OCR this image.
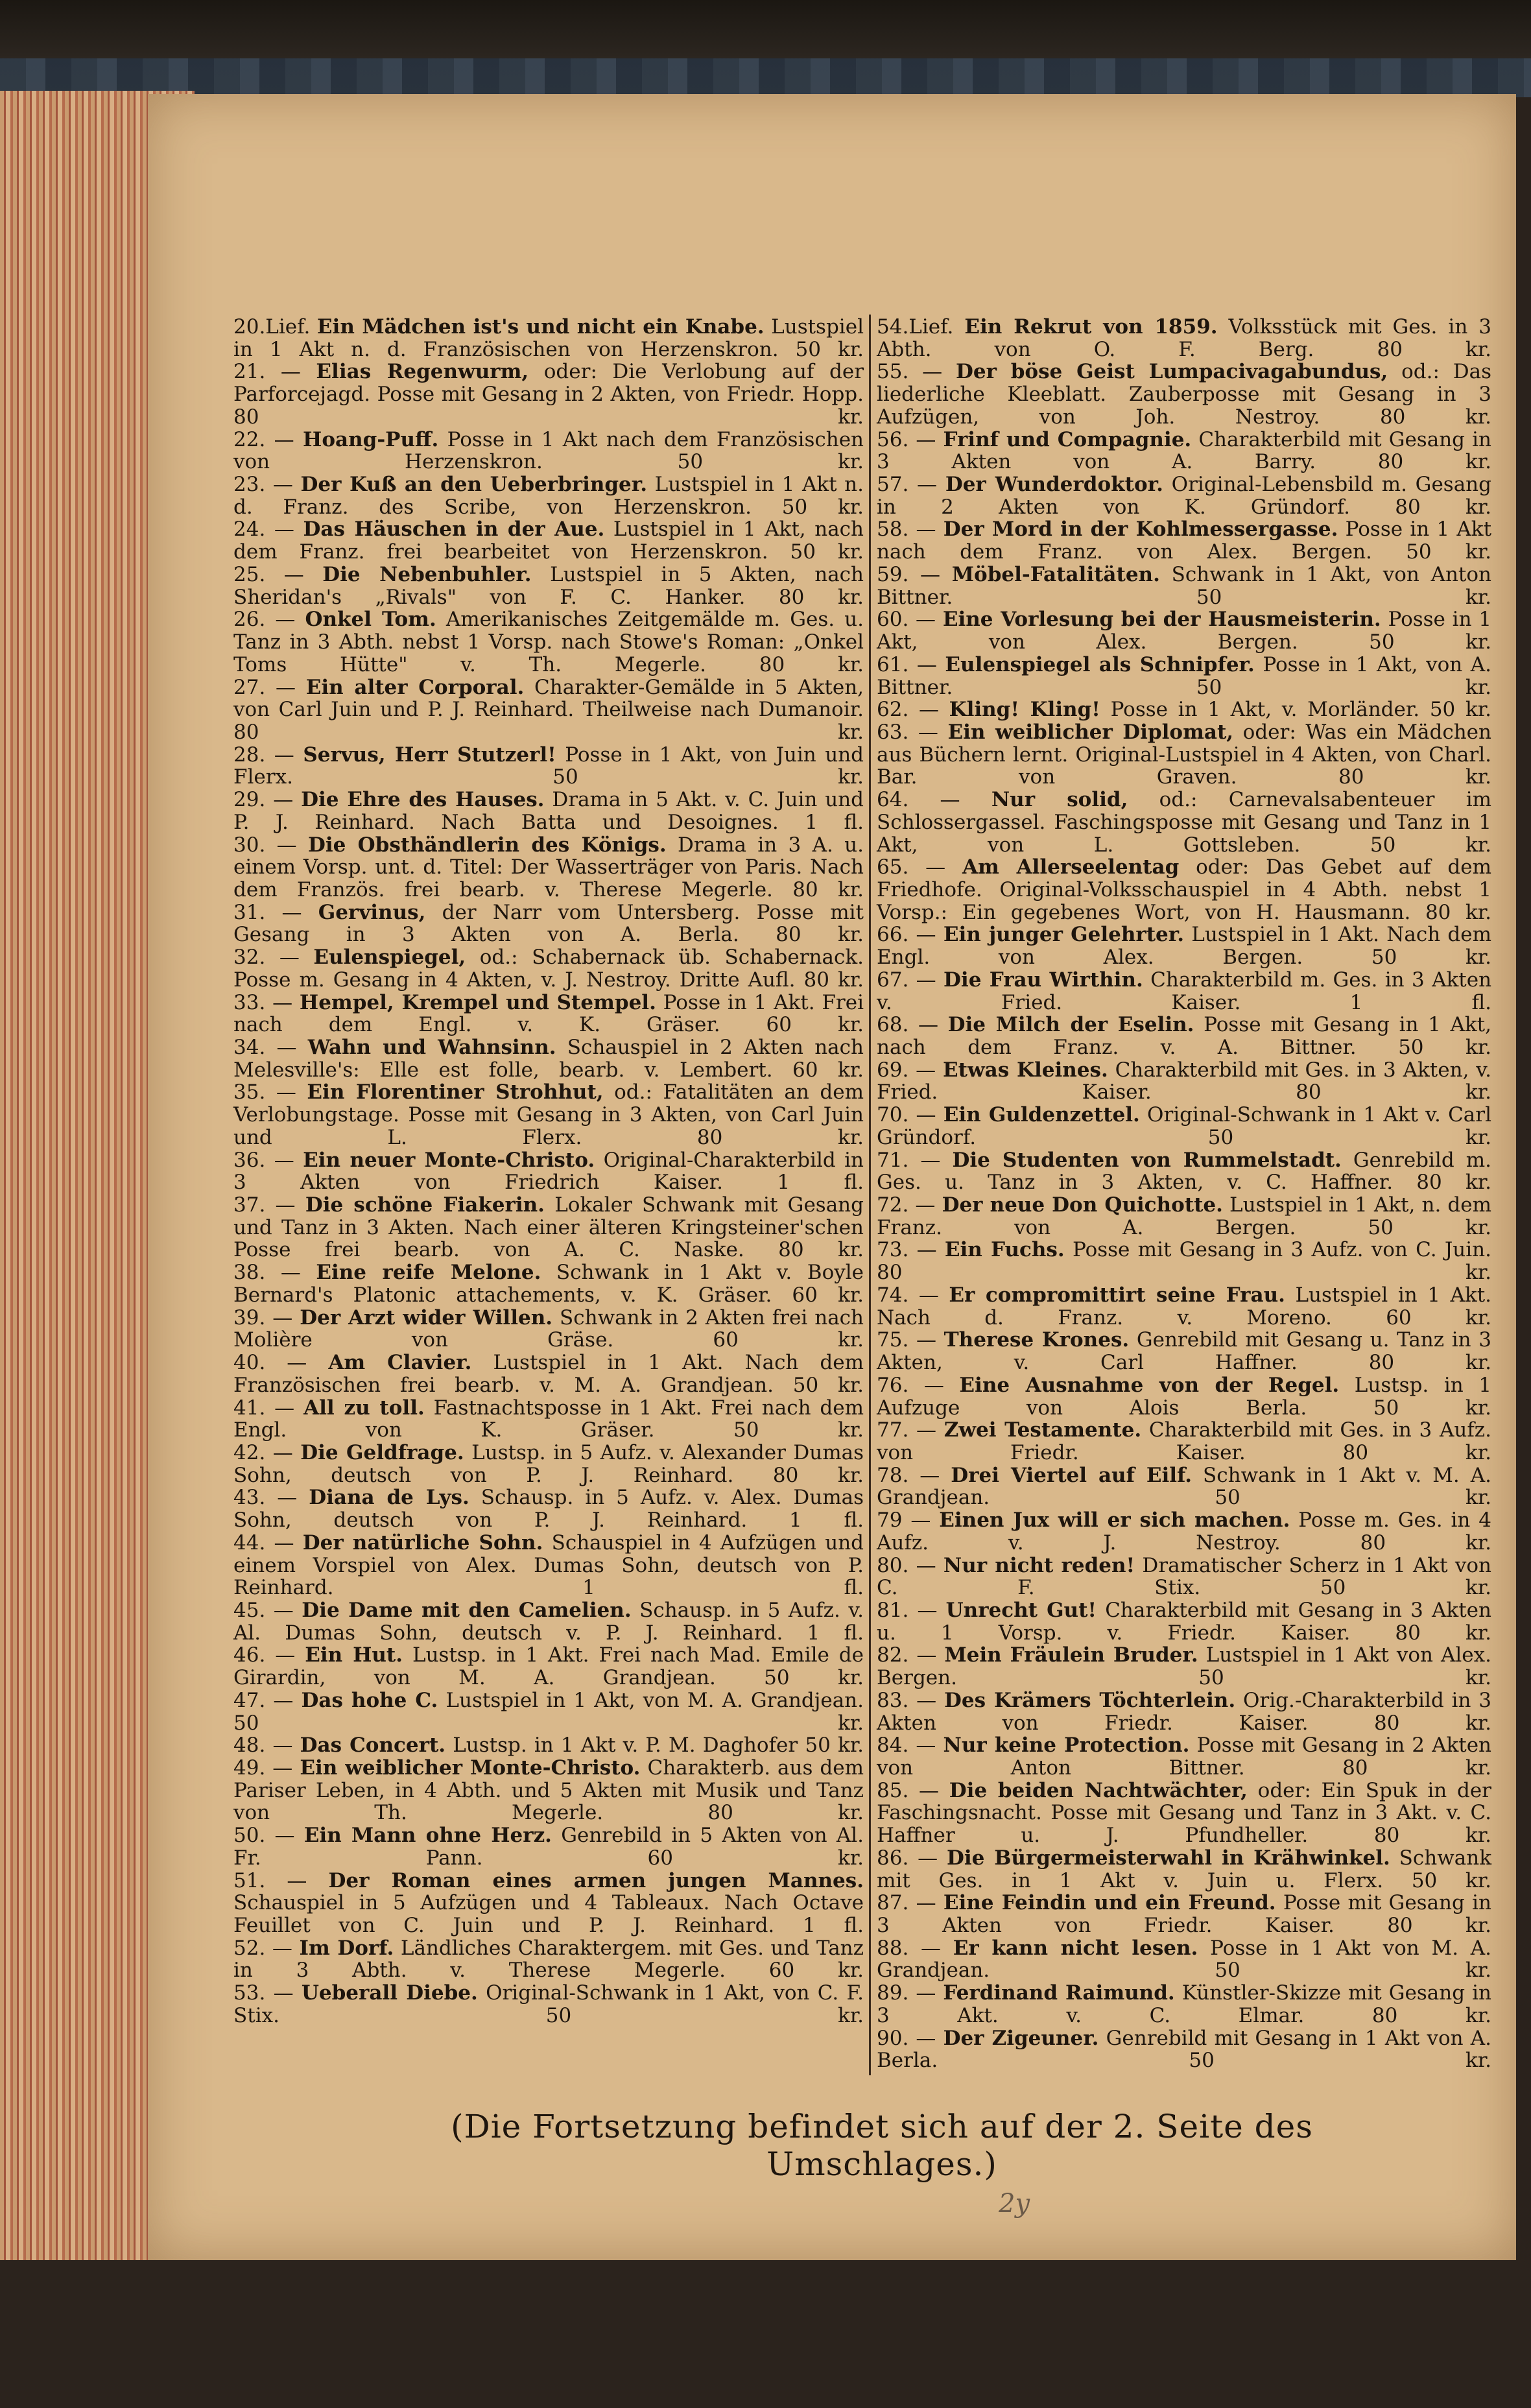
20.Lief. Ein Mädchen ist's und nicht ein Knabe. Lustspiel in 1 Akt n. d. Französischen von Herzenskron. 50 kr.

21. — Elias Regenwurm, oder: Die Verlobung auf der Parforcejagd. Posse mit Gesang in 2 Akten, von Friedr. Hopp. 80 kr.

22. — Hoang-Puff. Posse in 1 Akt nach dem Französischen von Herzenskron.	50 kr.

23. — Der Kuß an den Ueberbringer. Lustspiel in 1 Akt n. d. Franz. des Scribe, von Herzenskron. 50 kr.

24. — Das Häuschen in der Aue. Lustspiel in 1 Akt, nach dem Franz. frei bearbeitet von Herzenskron. 50 kr.

25. — Die Nebenbuhler. Lustspiel in 5 Akten, nach Sheridan's „Rivals" von F. C. Hanker. 80 kr.

26. — Onkel Tom. Amerikanisches Zeitgemälde m. Ges. u. Tanz in 3 Abth. nebst 1 Vorsp. nach Stowe's Roman: „Onkel Toms Hütte" v. Th. Megerle.	80 kr.

27. — Ein alter Corporal. Charakter-Gemälde in 5 Akten, von Carl Juin und P. J. Reinhard. Theilweise nach Dumanoir. 80 kr.

28. — Servus, Herr Stutzerl! Posse in 1 Akt, von Juin und Flerx.	50 kr.

29. — Die Ehre des Hauses. Drama in 5 Akt. v. C. Juin und P. J. Reinhard. Nach Batta und Desoignes. 1 fl.

30. — Die Obsthändlerin des Königs. Drama in 3 A. u. einem Vorsp. unt. d. Titel: Der Wasserträger von Paris. Nach dem Französ. frei bearb. v. Therese Megerle. 80 kr.

31. — Gervinus, der Narr vom Untersberg. Posse mit Gesang in 3 Akten von A. Berla. 80 kr.

32. — Eulenspiegel, od.: Schabernack üb. Schabernack. Posse m. Gesang in 4 Akten, v. J. Nestroy. Dritte Aufl. 80 kr.

33. — Hempel, Krempel und Stempel. Posse in 1 Akt. Frei nach dem Engl. v. K. Gräser. 60 kr.

34. — Wahn und Wahnsinn. Schauspiel in 2 Akten nach Melesville's: Elle est folle, bearb. v. Lembert. 60 kr.

35. — Ein Florentiner Strohhut, od.: Fatalitäten an dem Verlobungstage. Posse mit Gesang in 3 Akten, von Carl Juin und L. Flerx.	80 kr.

36. — Ein neuer Monte-Christo. Original-Charakterbild in 3 Akten von Friedrich Kaiser.	1 fl.

37. — Die schöne Fiakerin. Lokaler Schwank mit Gesang und Tanz in 3 Akten. Nach einer älteren Kringsteiner'schen Posse frei bearb. von A. C. Naske. 80 kr.

38. — Eine reife Melone. Schwank in 1 Akt v. Boyle Bernard's Platonic attachements, v. K. Gräser. 60 kr.

39. — Der Arzt wider Willen. Schwank in 2 Akten frei nach Molière von Gräse.	60 kr.

40. — Am Clavier. Lustspiel in 1 Akt. Nach dem Französischen frei bearb. v. M. A. Grandjean. 50 kr.

41. — All zu toll. Fastnachtsposse in 1 Akt. Frei nach dem Engl. von K. Gräser.	50 kr.

42. — Die Geldfrage. Lustsp. in 5 Aufz. v. Alexander Dumas Sohn, deutsch von P. J. Reinhard. 80 kr.

43. — Diana de Lys. Schausp. in 5 Aufz. v. Alex. Dumas Sohn, deutsch von P. J. Reinhard. 1 fl.

44. — Der natürliche Sohn. Schauspiel in 4 Aufzügen und einem Vorspiel von Alex. Dumas Sohn, deutsch von P. Reinhard.	1 fl.

45. — Die Dame mit den Camelien. Schausp. in 5 Aufz. v. Al. Dumas Sohn, deutsch v. P. J. Reinhard. 1 fl.

46. — Ein Hut. Lustsp. in 1 Akt. Frei nach Mad. Emile de Girardin, von M. A. Grandjean. 50 kr.

47. — Das hohe C. Lustspiel in 1 Akt, von M. A. Grandjean. 50 kr.

48. — Das Concert. Lustsp. in 1 Akt v. P. M. Daghofer 50 kr.

49. — Ein weiblicher Monte-Christo. Charakterb. aus dem Pariser Leben, in 4 Abth. und 5 Akten mit Musik und Tanz von Th. Megerle.	80 kr.

50. — Ein Mann ohne Herz. Genrebild in 5 Akten von Al. Fr. Pann.	60 kr.

51. — Der Roman eines armen jungen Mannes. Schauspiel in 5 Aufzügen und 4 Tableaux. Nach Octave Feuillet von C. Juin und P. J. Reinhard. 1 fl.

52. — Im Dorf. Ländliches Charaktergem. mit Ges. und Tanz in 3 Abth. v. Therese Megerle. 60 kr.

53. — Ueberall Diebe. Original-Schwank in 1 Akt, von C. F. Stix.	50 kr.

54.Lief. Ein Rekrut von 1859. Volksstück mit Ges. in 3 Abth. von O. F. Berg.	80 kr.

55. — Der böse Geist Lumpacivagabundus, od.: Das liederliche Kleeblatt. Zauberposse mit Gesang in 3 Aufzügen, von Joh. Nestroy.	80 kr.

56. — Frinf und Compagnie. Charakterbild mit Gesang in 3 Akten von A. Barry.	80 kr.

57. — Der Wunderdoktor. Original-Lebensbild m. Gesang in 2 Akten von K. Gründorf. 80 kr.

58. — Der Mord in der Kohlmessergasse. Posse in 1 Akt nach dem Franz. von Alex. Bergen. 50 kr.

59. — Möbel-Fatalitäten. Schwank in 1 Akt, von Anton Bittner.	50 kr.

60. — Eine Vorlesung bei der Hausmeisterin. Posse in 1 Akt, von Alex. Bergen.	50 kr.

61. — Eulenspiegel als Schnipfer. Posse in 1 Akt, von A. Bittner.	50 kr.

62. — Kling! Kling! Posse in 1 Akt, v. Morländer. 50 kr.

63. — Ein weiblicher Diplomat, oder: Was ein Mädchen aus Büchern lernt. Original-Lustspiel in 4 Akten, von Charl. Bar. von Graven.	80 kr.

64. — Nur solid, od.: Carnevalsabenteuer im Schlossergassel. Faschingsposse mit Gesang und Tanz in 1 Akt, von L. Gottsleben.	50 kr.

65. — Am Allerseelentag oder: Das Gebet auf dem Friedhofe. Original-Volksschauspiel in 4 Abth. nebst 1 Vorsp.: Ein gegebenes Wort, von H. Hausmann. 80 kr.

66. — Ein junger Gelehrter. Lustspiel in 1 Akt. Nach dem Engl. von Alex. Bergen.	50 kr.

67. — Die Frau Wirthin. Charakterbild m. Ges. in 3 Akten v. Fried. Kaiser.	1 fl.

68. — Die Milch der Eselin. Posse mit Gesang in 1 Akt, nach dem Franz. v. A. Bittner. 50 kr.

69. — Etwas Kleines. Charakterbild mit Ges. in 3 Akten, v. Fried. Kaiser.	80 kr.

70. — Ein Guldenzettel. Original-Schwank in 1 Akt v. Carl Gründorf.	50 kr.

71. — Die Studenten von Rummelstadt. Genrebild m. Ges. u. Tanz in 3 Akten, v. C. Haffner. 80 kr.

72. — Der neue Don Quichotte. Lustspiel in 1 Akt, n. dem Franz. von A. Bergen.	50 kr.

73. — Ein Fuchs. Posse mit Gesang in 3 Aufz. von C. Juin. 80 kr.

74. — Er compromittirt seine Frau. Lustspiel in 1 Akt. Nach d. Franz. v. Moreno.	60 kr.

75. — Therese Krones. Genrebild mit Gesang u. Tanz in 3 Akten, v. Carl Haffner.	80 kr.

76. — Eine Ausnahme von der Regel. Lustsp. in 1 Aufzuge von Alois Berla.	50 kr.

77. — Zwei Testamente. Charakterbild mit Ges. in 3 Aufz. von Friedr. Kaiser.	80 kr.

78. — Drei Viertel auf Eilf. Schwank in 1 Akt v. M. A. Grandjean.	50 kr.

79 — Einen Jux will er sich machen. Posse m. Ges. in 4 Aufz. v. J. Nestroy.	80 kr.

80. — Nur nicht reden! Dramatischer Scherz in 1 Akt von C. F. Stix.	50 kr.

81. — Unrecht Gut! Charakterbild mit Gesang in 3 Akten u. 1 Vorsp. v. Friedr. Kaiser. 80 kr.

82. — Mein Fräulein Bruder. Lustspiel in 1 Akt von Alex. Bergen.	50 kr.

83. — Des Krämers Töchterlein. Orig.-Charakterbild in 3 Akten von Friedr. Kaiser.	80 kr.

84. — Nur keine Protection. Posse mit Gesang in 2 Akten von Anton Bittner.	80 kr.

85. — Die beiden Nachtwächter, oder: Ein Spuk in der Faschingsnacht. Posse mit Gesang und Tanz in 3 Akt. v. C. Haffner u. J. Pfundheller.	80 kr.

86. — Die Bürgermeisterwahl in Krähwinkel. Schwank mit Ges. in 1 Akt v. Juin u. Flerx. 50 kr.

87. — Eine Feindin und ein Freund. Posse mit Gesang in 3 Akten von Friedr. Kaiser.	80 kr.

88. — Er kann nicht lesen. Posse in 1 Akt von M. A. Grandjean.	50 kr.

89. — Ferdinand Raimund. Künstler-Skizze mit Gesang in 3 Akt. v. C. Elmar.	80 kr.

90. — Der Zigeuner. Genrebild mit Gesang in 1 Akt von A. Berla.	50 kr.

(Die Fortsetzung befindet sich auf der 2. Seite des Umschlages.)
2y
